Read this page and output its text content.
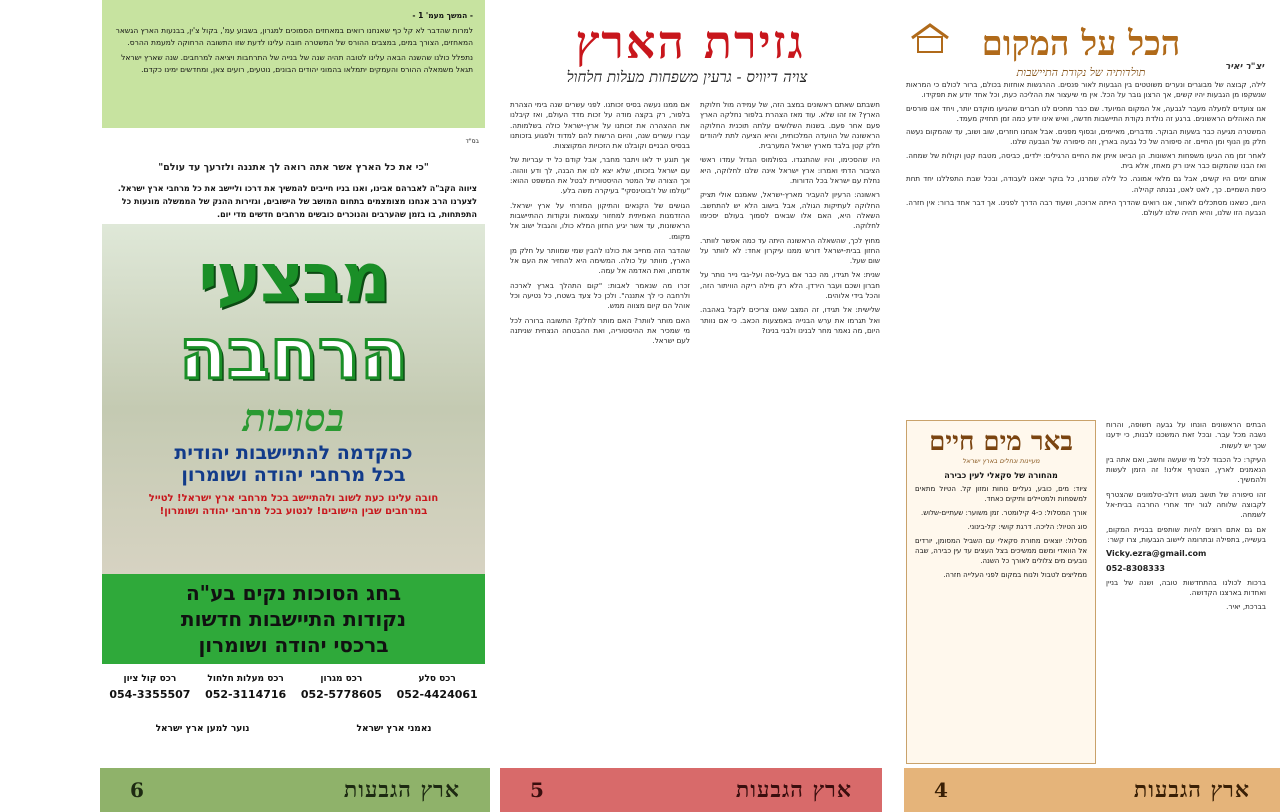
- המשך מעמ' 1 -

למרות שהדבר לא קל כף שאנחנו רואים במאחזים הסמוכים למגרון, בשבוע עמ', בקול צ'ין, בבנעות הארץ הגשאר המאחזים, הצורך במים, במצבים ההורס של המשטרה חובה עלינו לדעת שזו התשובה הרחוקה למעמת ההרס.

נתפלל כולנו שהשנה הבאה עלינו לטובה תהיה שנה של בנייה של התרחבות ויציאה למרחבים. שנה שארץ ישראל תגאל משמאלה ההורס והעמקים יתמלאו בהמוני יהודים הבונים, נוטעים, רועים צאן, ומחדשים ימינו כקדם.

בס"ד
"כי את כל הארץ אשר אתה רואה לך אתננה ולזרעך עד עולם"
ציווה הקב"ה לאברהם אבינו, ואנו בניו חייבים להמשיך את דרכו וליישב את כל מרחבי ארץ ישראל. לצערנו הרב אנחנו מצומצמים בתחום המושב של הישובים, וגזירות ההנק של הממשלה מונעות כל התפתחות, בו בזמן שהערבים והנוכרים כובשים מרחבים חדשים מדי יום.
מבצעי
הרחבה
בסוכות
כהקדמה להתיישבות יהודית
בכל מרחבי יהודה ושומרון
חובה עלינו כעת לשוב ולהתיישב בכל מרחבי ארץ ישראל! לטייל במרחבים שבין הישובים! לנטוע בכל מרחבי יהודה ושומרון!
בחג הסוכות נקים בע"ה
נקודות התיישבות חדשות
ברכסי יהודה ושומרון
רכס סלע
052-4424061
רכס מגרון
052-5778605
רכס מעלות חלחול
052-3114716
רכס קול ציון
054-3355507
נאמני ארץ ישראל
נוער למען ארץ ישראל
ארץ הגבעות
6
גזירת הארץ
צויה דיוויס - גרעין משפחות מעלות חלחול

חשבתם שאתם ראשונים במצב הזה, של עמידה מול חלוקת הארץ? אז זהו שלא. עוד מאז הצהרת בלפור נחלקה הארץ פעם אחר פעם. בשנות השלושים עלתה תוכנית החלוקה הראשונה של הוועדה המלכותית, והיא הציעה לתת ליהודים חלק קטן בלבד מארץ ישראל המערבית.

היו שהסכימו, והיו שהתנגדו. בפולמוס הגדול עמדו ראשי הציבור הדתי ואמרו: ארץ ישראל אינה שלנו לחלוקה, היא נחלת עם ישראל בכל הדורות.

ראשונה: הרעיון להעביר מארץ-ישראל, שאמנם אולי תציק החלוקה לעתיקות הגולה, אבל בישוב הלא יש להתחשב. השאלה היא, האם אלו שבאים לסמוך בעולם יסכימו לחלוקה.

מחוץ לכך, שהשאלה הראשונה היתה עד כמה אפשר לוותר. החזון בבית-ישראל דורש ממנו עיקרון אחד: לא לוותר על שום שעל.

שנית: אל תגידו, מה כבר אם בעל-פה ועל-גבי נייר נותר על חברון ושכם ועבר הירדן. הלא רק מילה ריקה הוויתור הזה, והכל בידי אלוהים.

שלישית: אל תגידו, זה המצב שאנו צריכים לקבל באהבה. ואל תגרמו את ערש הבנייה באמצעות הכאב. כי אם נוותר היום, מה נאמר מחר לבנינו ולבני בנינו?

אם ממנו נעשה בסיס זכותנו. לפני עשרים שנה בימי הצהרת בלפור, רק בקצה מודה על זכות מדד העולם, ואז קיבלנו את ההצהרה את זכותנו על ארץ-ישראל כולה בשלמותה. עברו עשרים שנה, והיום הרשות להם למדוד ולפגוע בזכותנו בבסיס הבניים וקובלנו את הזכויות המקוצצות.

אך תוגע יד לאו ויתבר מחבר, אבל קודם כל יד עבריות של עם ישראל בזכותו, שלא יצא לנו את הבנה, לך ודע ווהוה. וכך הצורה של המטר ההיסטורית לבטל את המשפט ההוא: "עולמו של ז'בוטינסקי" בעיקרה משה בלע.

הגושים של הקנאים והתיקון המזרחי על ארץ ישראל. ההזדמנות האמיתית למחזור עצמאות ונקודות ההתיישבות הראשונות, עד אשר יגיע החזון המלא כולו, והגבול ישוב אל מקומו.

שהדבר הזה מחייב את כולנו להבין שמי שמוותר על חלק מן הארץ, מוותר על כולה. המשימה היא להחזיר את העם אל אדמתו, ואת האדמה אל עמה.

זכרו מה שנאמר לאבות: "קום התהלך בארץ לארכה ולרחבה כי לך אתננה". ולכן כל צעד בשטח, כל נטיעה וכל אוהל הם קיום מצווה ממש.

האם מותר לוותר? האם מותר לחלק? התשובה ברורה לכל מי שמכיר את ההיסטוריה, ואת ההבטחה הנצחית שניתנה לעם ישראל.

ארץ הגבעות
5
הכל על המקום
תולדותיה של נקודת התיישבות	יצ"ר יאיר

לילה, קבוצה של מבוגרים ונערים משוטטים בין הגבעות לאור פנסים. ההרגשות אוחזות בכולם, ברור לכולם כי המראות שנשקפו מן הגבעות יהיו קשים, אך הרצון גובר על הכל. אין מי שיעצור את ההליכה כעת, וכל אחד יודע את תפקידו.

אנו צועדים למעלה מעבר לגבעה, אל המקום המיועד. שם כבר מחכים לנו חברים שהגיעו מוקדם יותר, ויחד אנו פורסים את האוהלים הראשונים. ברגע זה נולדת נקודת התיישבות חדשה, ואיש אינו יודע כמה זמן תחזיק מעמד.

המשטרה מגיעה כבר בשעות הבוקר. מדברים, מאיימים, ובסוף מפנים. אבל אנחנו חוזרים, שוב ושוב, עד שהמקום נעשה חלק מן הנוף ומן החיים. זה סיפורה של כל גבעה בארץ, וזה סיפורה של הגבעה שלנו.

לאחר זמן מה הגיעו משפחות ראשונות. הן הביאו איתן את החיים הרגילים: ילדים, כביסה, מטבח קטן וקולות של שמחה. ואז הבנו שהמקום כבר אינו רק מאחז, אלא בית.

אותם ימים היו קשים, אבל גם מלאי אמונה. כל לילה שמרנו, כל בוקר יצאנו לעבודה, ובכל שבת התפללנו יחד תחת כיפת השמיים. כך, לאט לאט, נבנתה קהילה.

היום, כשאנו מסתכלים לאחור, אנו רואים שהדרך הייתה ארוכה, ושעוד רבה הדרך לפנינו. אך דבר אחד ברור: אין חזרה. הגבעה הזו שלנו, והיא תהיה שלנו לעולם.

הבתים הראשונים הונחו על גבעה חשופה, והרוח נשבה מכל עבר. ובכל זאת המשכנו לבנות, כי ידענו שכך יש לעשות.

העיקר: כל הכבוד לכל מי שעשה וחשב, ואם אתה בין הנאמנים לארץ, הצטרף אלינו! זה הזמן לעשות ולהמשיך.

זהו סיפורה של תושב מגוש דולב-טלמונים שהצטרף לקבוצה שלוחה לגור יחד אחרי החרבה בבית-אל לשמחה.

אם גם אתם רוצים להיות שותפים בבניית המקום, בעשייה, בתפילה ובתרומה ליישוב הגבעות, צרו קשר:

Vicky.ezra@gmail.com

052-8308333

ברכות לכולנו בהתחדשות טובה, ושנה של בניין ואחדות בארצנו הקדושה.

בברכת, יאיר.

באר מים חיים
מעיינות ונחלים בארץ ישראל
מהחורה של סקאלי לעין כבירה

ציוד: מים, כובע, נעליים נוחות ומזון קל. הטיול מתאים למשפחות ולמטיילים ותיקים כאחד.

אורך המסלול: כ-4 קילומטר. זמן משוער: שעתיים-שלוש.

סוג הטיול: הליכה. דרגת קושי: קל-בינוני.

מסלול: יוצאים מחורת סקאלי עם השביל המסומן, יורדים אל הוואדי ומשם ממשיכים בצל העצים עד עין כבירה, שבה נובעים מים צלולים לאורך כל השנה.

ממליצים לטבול ולנוח במקום לפני העלייה חזרה.

ארץ הגבעות
4
